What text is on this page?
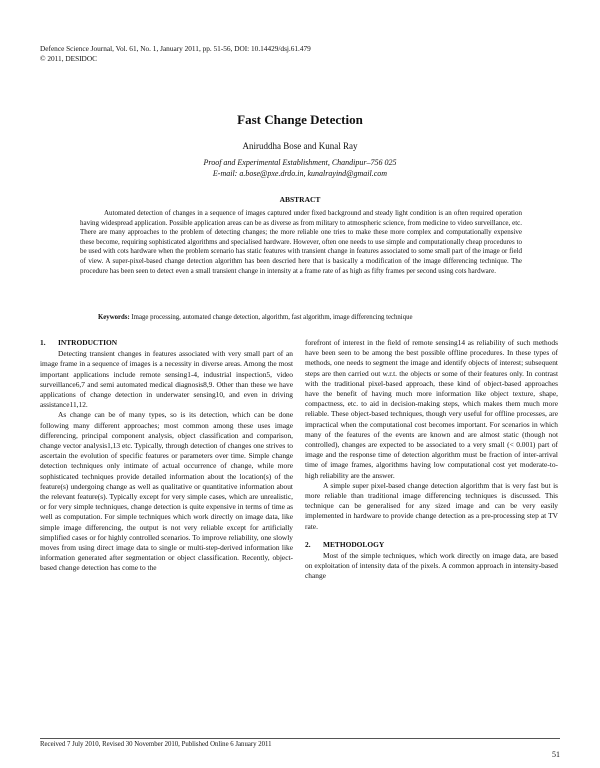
Defence Science Journal, Vol. 61, No. 1, January 2011, pp. 51-56, DOI: 10.14429/dsj.61.479
© 2011, DESIDOC
Fast Change Detection
Aniruddha Bose and Kunal Ray
Proof and Experimental Establishment, Chandipur–756 025
E-mail: a.bose@pxe.drdo.in, kunalrayind@gmail.com
ABSTRACT
Automated detection of changes in a sequence of images captured under fixed background and steady light condition is an often required operation having widespread application. Possible application areas can be as diverse as from military to atmospheric science, from medicine to video surveillance, etc. There are many approaches to the problem of detecting changes; the more reliable one tries to make these more complex and computationally expensive these become, requiring sophisticated algorithms and specialised hardware. However, often one needs to use simple and computationally cheap procedures to be used with cots hardware when the problem scenario has static features with transient change in features associated to some small part of the image or field of view. A super-pixel-based change detection algorithm has been descried here that is basically a modification of the image differencing technique. The procedure has been seen to detect even a small transient change in intensity at a frame rate of as high as fifty frames per second using cots hardware.
Keywords: Image processing, automated change detection, algorithm, fast algorithm, image differencing technique
1. INTRODUCTION

Detecting transient changes in features associated with very small part of an image frame in a sequence of images is a necessity in diverse areas. Among the most important applications include remote sensing1-4, industrial inspection5, video surveillance6,7 and semi automated medical diagnosis8,9. Other than these we have applications of change detection in underwater sensing10, and even in driving assistance11,12.

As change can be of many types, so is its detection, which can be done following many different approaches; most common among these uses image differencing, principal component analysis, object classification and comparison, change vector analysis1,13 etc. Typically, through detection of changes one strives to ascertain the evolution of specific features or parameters over time. Simple change detection techniques only intimate of actual occurrence of change, while more sophisticated techniques provide detailed information about the location(s) of the feature(s) undergoing change as well as qualitative or quantitative information about the relevant feature(s). Typically except for very simple cases, which are unrealistic, or for very simple techniques, change detection is quite expensive in terms of time as well as computation. For simple techniques which work directly on image data, like simple image differencing, the output is not very reliable except for artificially simplified cases or for highly controlled scenarios. To improve reliability, one slowly moves from using direct image data to single or multi-step-derived information like information generated after segmentation or object classification. Recently, object-based change detection has come to the

forefront of interest in the field of remote sensing14 as reliability of such methods have been seen to be among the best possible offline procedures. In these types of methods, one needs to segment the image and identify objects of interest; subsequent steps are then carried out w.r.t. the objects or some of their features only. In contrast with the traditional pixel-based approach, these kind of object-based approaches have the benefit of having much more information like object texture, shape, compactness, etc. to aid in decision-making steps, which makes them much more reliable. These object-based techniques, though very useful for offline processes, are impractical when the computational cost becomes important. For scenarios in which many of the features of the events are known and are almost static (though not controlled), changes are expected to be associated to a very small (< 0.001) part of image and the response time of detection algorithm must be fraction of inter-arrival time of image frames, algorithms having low computational cost yet moderate-to-high reliability are the answer.

A simple super pixel-based change detection algorithm that is very fast but is more reliable than traditional image differencing techniques is discussed. This technique can be generalised for any sized image and can be very easily implemented in hardware to provide change detection as a pre-processing step at TV rate.

2. METHODOLOGY

Most of the simple techniques, which work directly on image data, are based on exploitation of intensity data of the pixels. A common approach in intensity-based change

Received 7 July 2010, Revised 30 November 2010, Published Online 6 January 2011
51
